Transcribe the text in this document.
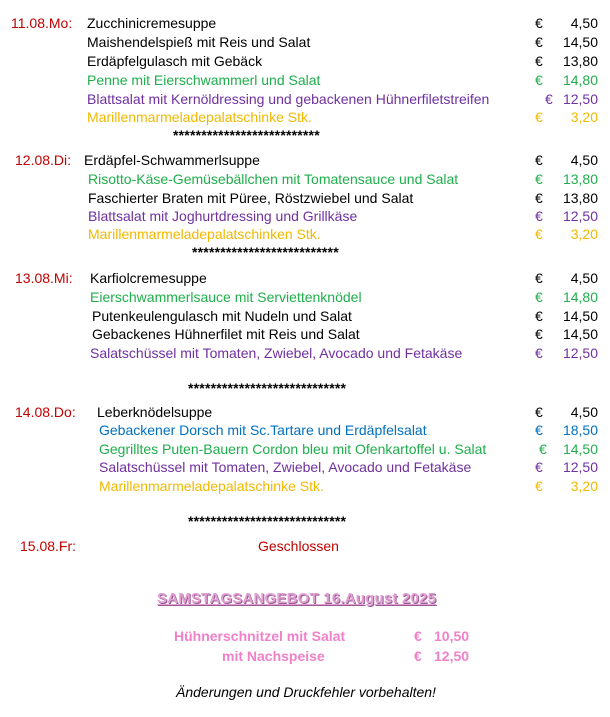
11.08.Mo: Zucchinicremesuppe
Maishendelspieß mit Reis und Salat
Erdäpfelgulasch mit Gebäck
Penne mit Eierschwammerl und Salat
Blattsalat mit Kernöldressing und gebackenen Hühnerfiletstreifen
Marillenmarmeladepalatschinke Stk.
€
€
€
€
€
€
4,50
14,50
13,80
14,80
12,50
3,20
**************************
12.08.Di: Erdäpfel-Schwammerlsuppe
Risotto-Käse-Gemüsebällchen mit Tomatensauce und Salat
Faschierter Braten mit Püree, Röstzwiebel und Salat
Blattsalat mit Joghurtdressing und Grillkäse
Marillenmarmeladepalatschinken Stk.
€
€
€
€
€
4,50
13,80
13,80
12,50
3,20
**************************
13.08.Mi: Karfiolcremesuppe
Eierschwammerlsauce mit Serviettenknödel
Putenkeulengulasch mit Nudeln und Salat
Gebackenes Hühnerfilet mit Reis und Salat
Salatschüssel mit Tomaten, Zwiebel, Avocado und Fetakäse
€
€
€
€
€
4,50
14,80
14,50
14,50
12,50
****************************
14.08.Do: Leberknödelsuppe
Gebackener Dorsch mit Sc.Tartare und Erdäpfelsalat
Gegrilltes Puten-Bauern Cordon bleu mit Ofenkartoffel u. Salat
Salatschüssel mit Tomaten, Zwiebel, Avocado und Fetakäse
Marillenmarmeladepalatschinke Stk.
€
€
€
€
€
4,50
18,50
14,50
12,50
3,20
****************************
15.08.Fr:	Geschlossen
SAMSTAGSANGEBOT 16.August 2025
Hühnerschnitzel mit Salat
mit Nachspeise
€
€
10,50
12,50
Änderungen und Druckfehler vorbehalten!
